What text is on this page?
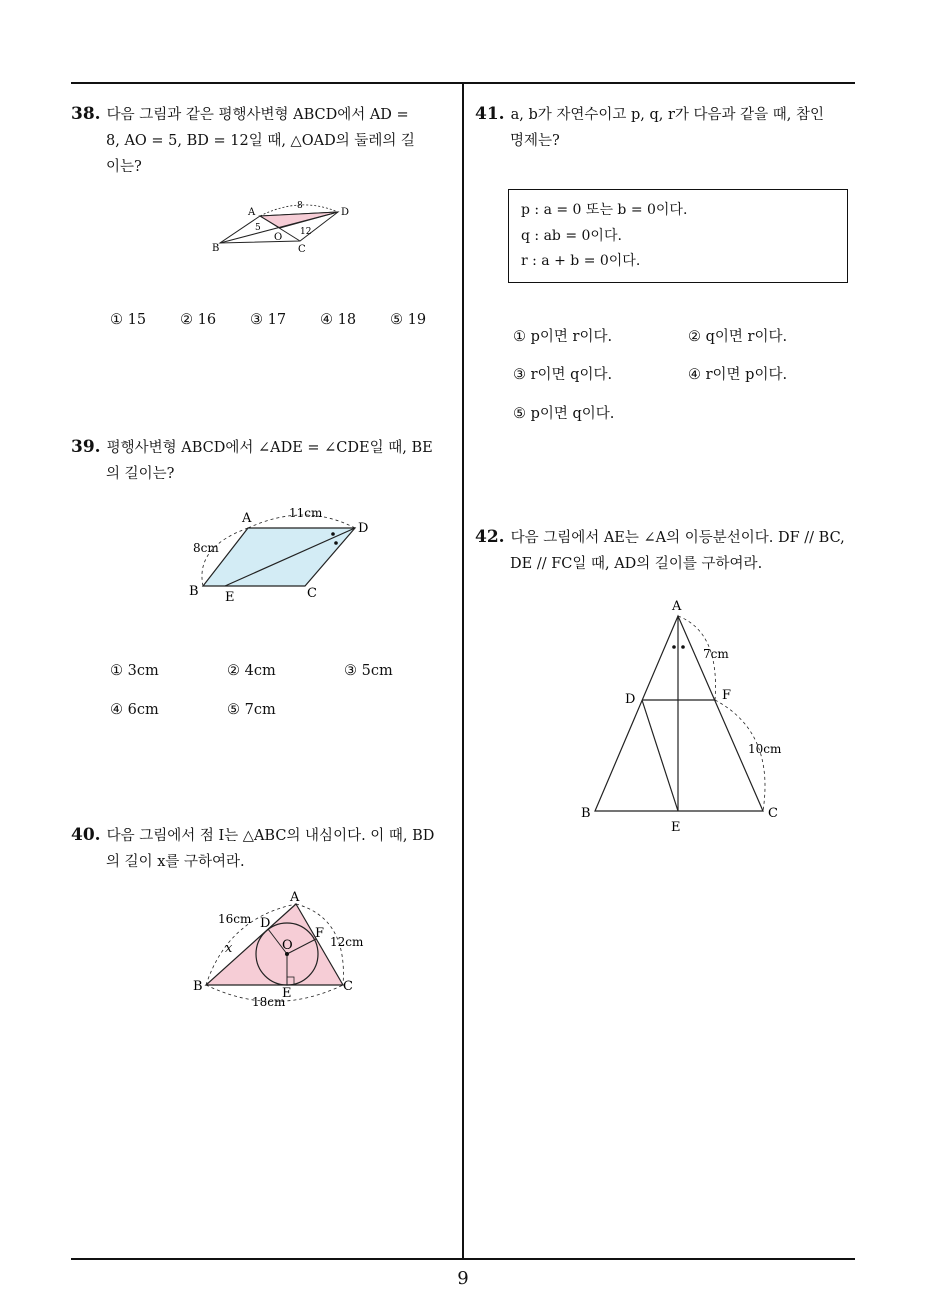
38. 다음 그림과 같은 평행사변형 ABCD에서 AD =
8, AO = 5, BD = 12일 때, △OAD의 둘레의 길
이는?
A	D
B	C
O
8
5	12
① 15 ② 16 ③ 17 ④ 18 ⑤ 19
39. 평행사변형 ABCD에서 ∠ADE = ∠CDE일 때, BE
의 길이는?
A
D
B E	C
11cm
8cm
① 3cm	② 4cm	③ 5cm
④ 6cm	⑤ 7cm
40. 다음 그림에서 점 I는 △ABC의 내심이다. 이 때, BD
의 길이 x를 구하여라.
A
B	C
D
E
F
O
x
16cm
12cm
18cm
41. a, b가 자연수이고 p, q, r가 다음과 같을 때, 참인
명제는?
p : a = 0 또는 b = 0이다.
q : ab = 0이다.
r : a + b = 0이다.
① p이면 r이다.	② q이면 r이다.
③ r이면 q이다.	④ r이면 p이다.
⑤ p이면 q이다.
42. 다음 그림에서 AE는 ∠A의 이등분선이다. DF // BC,
DE // FC일 때, AD의 길이를 구하여라.
A
D	F
B
E
C
7cm
10cm
9
